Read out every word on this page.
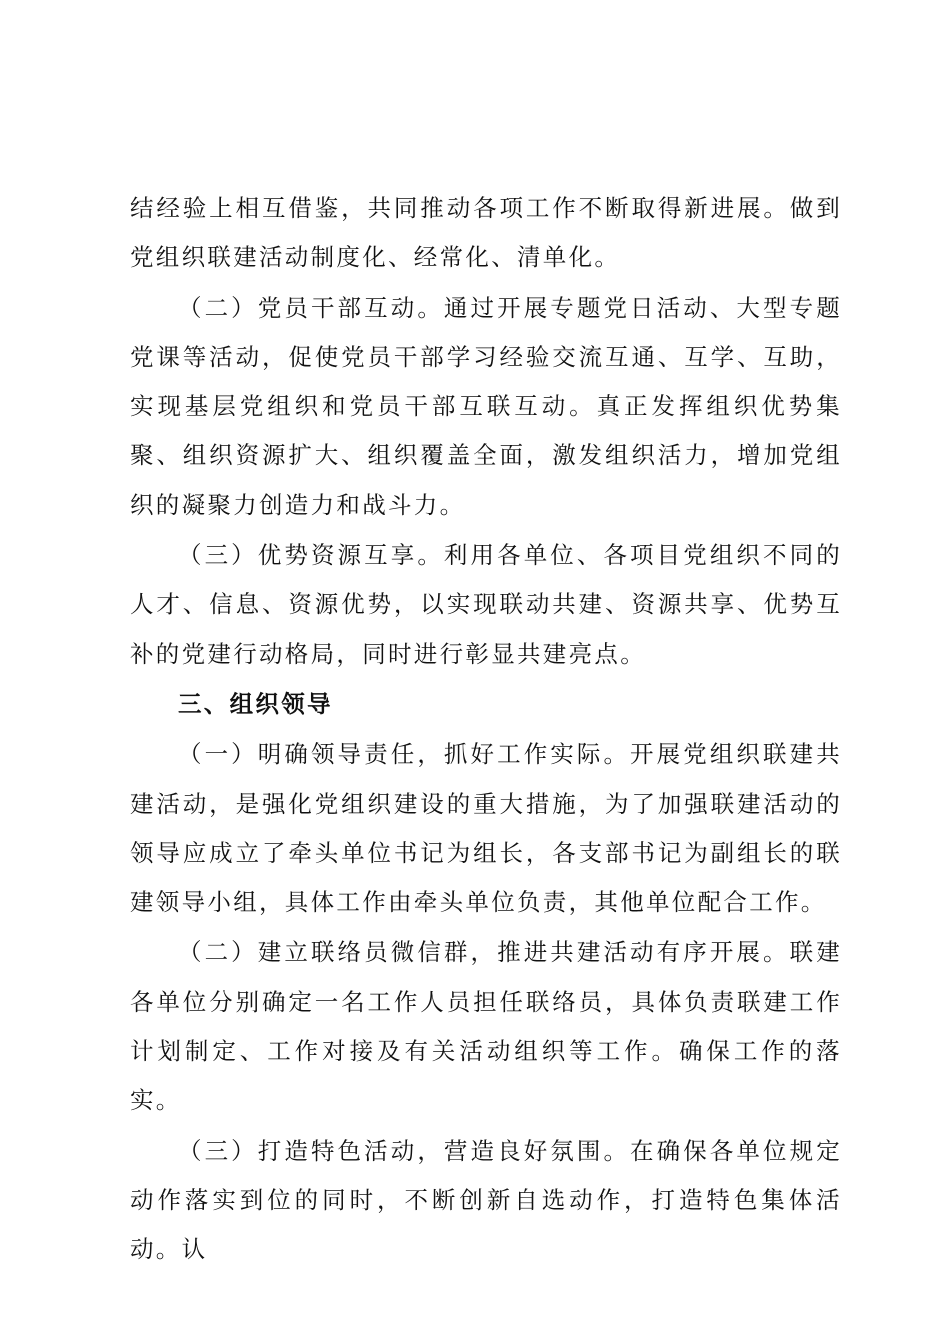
结经验上相互借鉴，共同推动各项工作不断取得新进展。做到党组织联建活动制度化、经常化、清单化。

（二）党员干部互动。通过开展专题党日活动、大型专题党课等活动，促使党员干部学习经验交流互通、互学、互助，实现基层党组织和党员干部互联互动。真正发挥组织优势集聚、组织资源扩大、组织覆盖全面，激发组织活力，增加党组织的凝聚力创造力和战斗力。

（三）优势资源互享。利用各单位、各项目党组织不同的人才、信息、资源优势，以实现联动共建、资源共享、优势互补的党建行动格局，同时进行彰显共建亮点。

三、组织领导

（一）明确领导责任，抓好工作实际。开展党组织联建共建活动，是强化党组织建设的重大措施，为了加强联建活动的领导应成立了牵头单位书记为组长，各支部书记为副组长的联建领导小组，具体工作由牵头单位负责，其他单位配合工作。

（二）建立联络员微信群，推进共建活动有序开展。联建各单位分别确定一名工作人员担任联络员，具体负责联建工作计划制定、工作对接及有关活动组织等工作。确保工作的落实。

（三）打造特色活动，营造良好氛围。在确保各单位规定动作落实到位的同时，不断创新自选动作，打造特色集体活动。认
